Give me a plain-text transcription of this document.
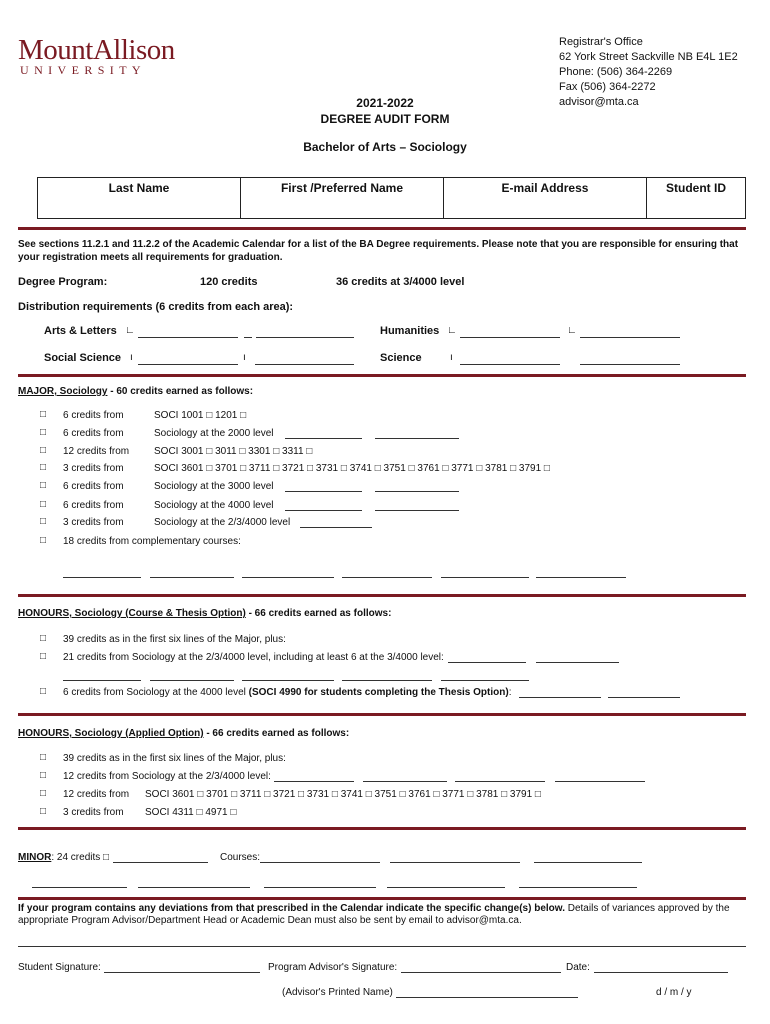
MountAllison
UNIVERSITY
Registrar's Office
62 York Street Sackville NB E4L 1E2
Phone: (506) 364-2269
Fax (506) 364-2272
advisor@mta.ca
2021-2022
DEGREE AUDIT FORM
Bachelor of Arts – Sociology
Last Name	First /Preferred Name	E-mail Address	Student ID
See sections 11.2.1 and 11.2.2 of the Academic Calendar for a list of the BA Degree requirements. Please note that you are responsible for ensuring that your registration meets all requirements for graduation.
Degree Program:	120 credits	36 credits at 3/4000 level
Distribution requirements (6 credits from each area):
Arts & Letters ∟	Humanities ∟	∟
Social Science ı	ı	Science	ı
MAJOR, Sociology - 60 credits earned as follows:
□ 6 credits from	SOCI 1001 □ 1201 □
□ 6 credits from	Sociology at the 2000 level
□ 12 credits from SOCI 3001 □ 3011 □ 3301 □ 3311 □
□ 3 credits from	SOCI 3601 □ 3701 □ 3711 □ 3721 □ 3731 □ 3741 □ 3751 □ 3761 □ 3771 □ 3781 □ 3791 □
□ 6 credits from	Sociology at the 3000 level
□ 6 credits from	Sociology at the 4000 level
□ 3 credits from	Sociology at the 2/3/4000 level
□ 18 credits from complementary courses:
HONOURS, Sociology (Course & Thesis Option) - 66 credits earned as follows:
□ 39 credits as in the first six lines of the Major, plus:
□ 21 credits from Sociology at the 2/3/4000 level, including at least 6 at the 3/4000 level:
□ 6 credits from Sociology at the 4000 level (SOCI 4990 for students completing the Thesis Option):
HONOURS, Sociology (Applied Option) - 66 credits earned as follows:
□ 39 credits as in the first six lines of the Major, plus:
□ 12 credits from Sociology at the 2/3/4000 level:
□ 12 credits from SOCI 3601 □ 3701 □ 3711 □ 3721 □ 3731 □ 3741 □ 3751 □ 3761 □ 3771 □ 3781 □ 3791 □
□ 3 credits from SOCI 4311 □ 4971 □
MINOR: 24 credits □	Courses:
If your program contains any deviations from that prescribed in the Calendar indicate the specific change(s) below. Details of variances approved by the appropriate Program Advisor/Department Head or Academic Dean must also be sent by email to advisor@mta.ca.
Student Signature:	Program Advisor's Signature:	Date:
(Advisor's Printed Name)	d / m / y
